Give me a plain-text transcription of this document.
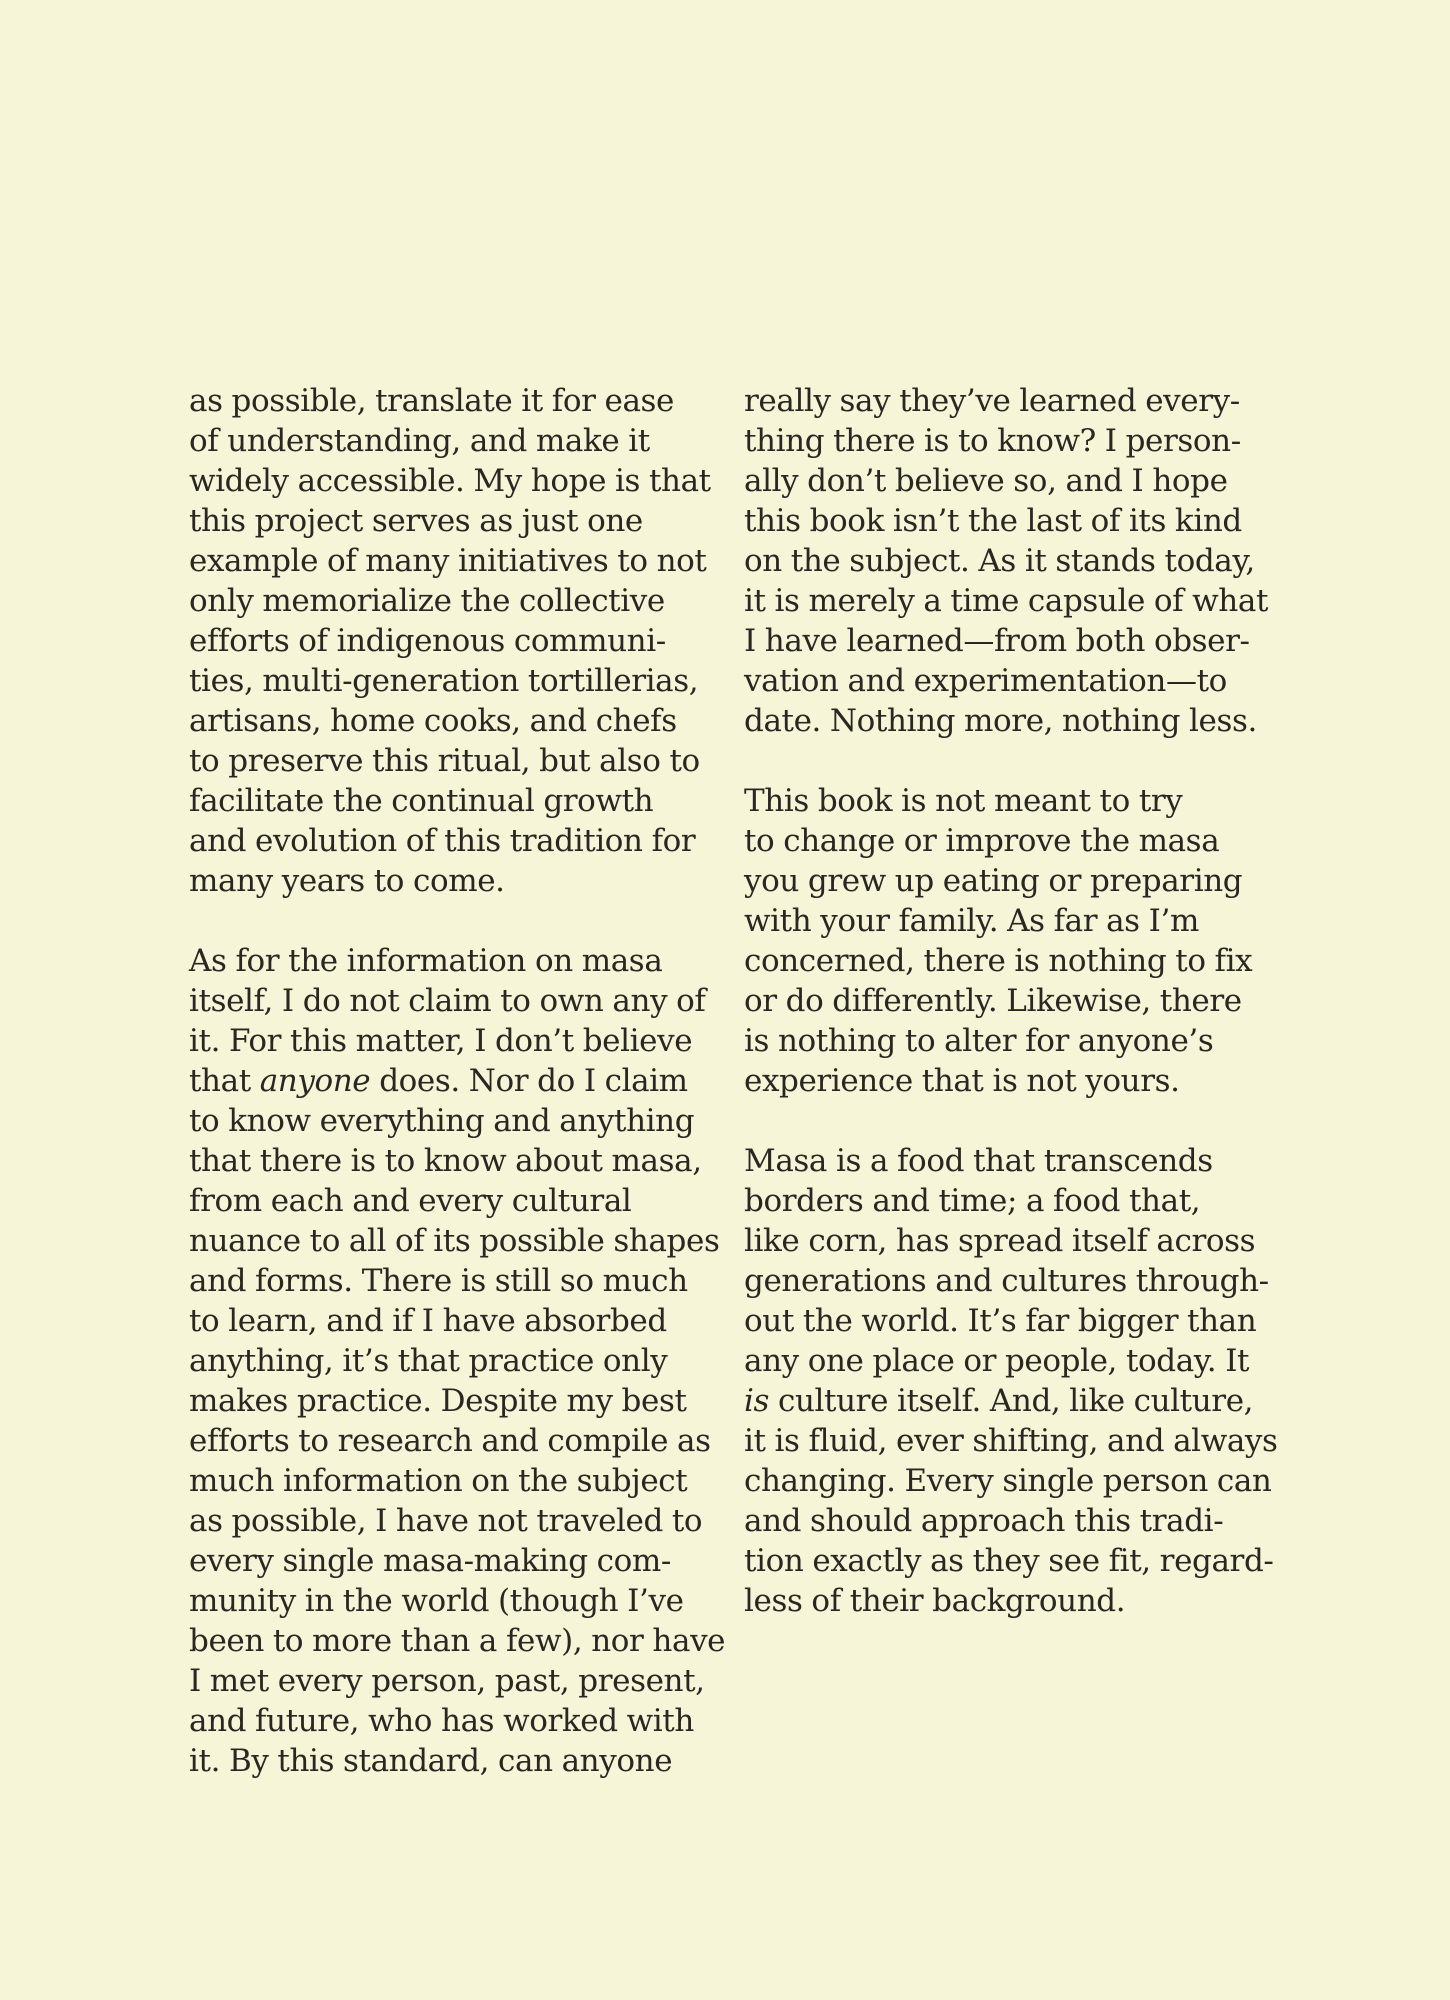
as possible, translate it for ease
of understanding, and make it
widely accessible. My hope is that
this project serves as just one
example of many initiatives to not
only memorialize the collective
efforts of indigenous communi-
ties, multi-generation tortillerias,
artisans, home cooks, and chefs
to preserve this ritual, but also to
facilitate the continual growth
and evolution of this tradition for
many years to come.

As for the information on masa
itself, I do not claim to own any of
it. For this matter, I don’t believe
that anyone does. Nor do I claim
to know everything and anything
that there is to know about masa,
from each and every cultural
nuance to all of its possible shapes
and forms. There is still so much
to learn, and if I have absorbed
anything, it’s that practice only
makes practice. Despite my best
efforts to research and compile as
much information on the subject
as possible, I have not traveled to
every single masa-making com-
munity in the world (though I’ve
been to more than a few), nor have
I met every person, past, present,
and future, who has worked with
it. By this standard, can anyone

really say they’ve learned every-
thing there is to know? I person-
ally don’t believe so, and I hope
this book isn’t the last of its kind
on the subject. As it stands today,
it is merely a time capsule of what
I have learned—from both obser-
vation and experimentation—to
date. Nothing more, nothing less.

This book is not meant to try
to change or improve the masa
you grew up eating or preparing
with your family. As far as I’m
concerned, there is nothing to fix
or do differently. Likewise, there
is nothing to alter for anyone’s
experience that is not yours.

Masa is a food that transcends
borders and time; a food that,
like corn, has spread itself across
generations and cultures through-
out the world. It’s far bigger than
any one place or people, today. It
is culture itself. And, like culture,
it is fluid, ever shifting, and always
changing. Every single person can
and should approach this tradi-
tion exactly as they see fit, regard-
less of their background.
